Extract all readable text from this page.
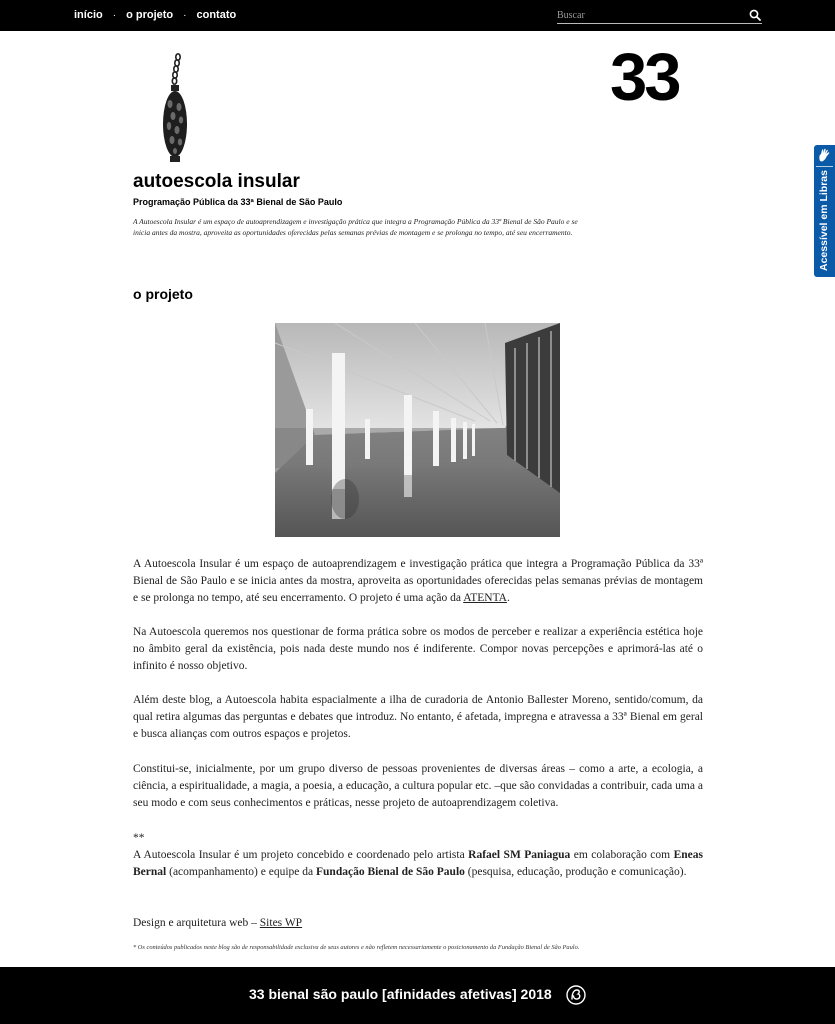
início · o projeto · contato
Buscar
Acessível em Libras
33
autoescola insular
Programação Pública da 33ª Bienal de São Paulo
A Autoescola Insular é um espaço de autoaprendizagem e investigação prática que integra a Programação Pública da 33ª Bienal de São Paulo e se inicia antes da mostra, aproveita as oportunidades oferecidas pelas semanas prévias de montagem e se prolonga no tempo, até seu encerramento.
o projeto

A Autoescola Insular é um espaço de autoaprendizagem e investigação prática que integra a Programação Pública da 33ª Bienal de São Paulo e se inicia antes da mostra, aproveita as oportunidades oferecidas pelas semanas prévias de montagem e se prolonga no tempo, até seu encerramento. O projeto é uma ação da ATENTA.

Na Autoescola queremos nos questionar de forma prática sobre os modos de perceber e realizar a experiência estética hoje no âmbito geral da existência, pois nada deste mundo nos é indiferente. Compor novas percepções e aprimorá-las até o infinito é nosso objetivo.

Além deste blog, a Autoescola habita espacialmente a ilha de curadoria de Antonio Ballester Moreno, sentido/comum, da qual retira algumas das perguntas e debates que introduz. No entanto, é afetada, impregna e atravessa a 33ª Bienal em geral e busca alianças com outros espaços e projetos.

Constitui-se, inicialmente, por um grupo diverso de pessoas provenientes de diversas áreas – como a arte, a ecologia, a ciência, a espiritualidade, a magia, a poesia, a educação, a cultura popular etc. –que são convidadas a contribuir, cada uma a seu modo e com seus conhecimentos e práticas, nesse projeto de autoaprendizagem coletiva.

**

A Autoescola Insular é um projeto concebido e coordenado pelo artista Rafael SM Paniagua em colaboração com Eneas Bernal (acompanhamento) e equipe da Fundação Bienal de São Paulo (pesquisa, educação, produção e comunicação).

Design e arquitetura web – Sites WP

* Os conteúdos publicados neste blog são de responsabilidade exclusiva de seus autores e não refletem necessariamente o posicionamento da Fundação Bienal de São Paulo.

33 bienal são paulo [afinidades afetivas] 2018
